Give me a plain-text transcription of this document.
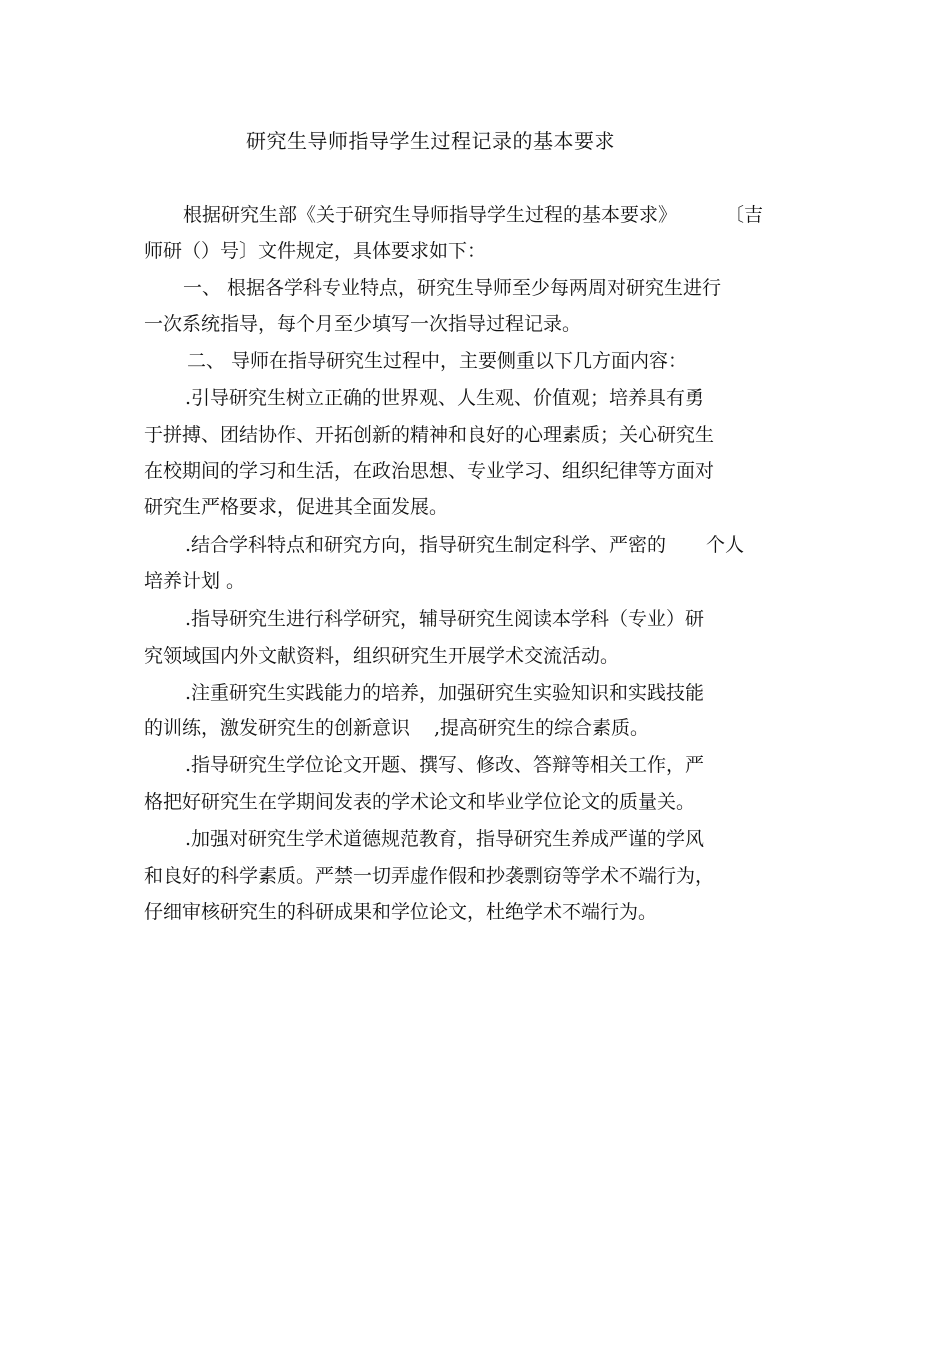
研究生导师指导学生过程记录的基本要求
根据研究生部《关于研究生导师指导学生过程的基本要求》	〔吉
师研（）号〕文件规定，具体要求如下：
一、 根据各学科专业特点，研究生导师至少每两周对研究生进行
一次系统指导，每个月至少填写一次指导过程记录。
二、 导师在指导研究生过程中，主要侧重以下几方面内容：
.引导研究生树立正确的世界观、人生观、价值观；培养具有勇
于拼搏、团结协作、开拓创新的精神和良好的心理素质；关心研究生
在校期间的学习和生活，在政治思想、专业学习、组织纪律等方面对
研究生严格要求，促进其全面发展。
.结合学科特点和研究方向，指导研究生制定科学、严密的 个人
培养计划 。
.指导研究生进行科学研究，辅导研究生阅读本学科（专业）研
究领域国内外文献资料，组织研究生开展学术交流活动。
.注重研究生实践能力的培养，加强研究生实验知识和实践技能
的训练，激发研究生的创新意识 ,提高研究生的综合素质。
.指导研究生学位论文开题、撰写、修改、答辩等相关工作，严
格把好研究生在学期间发表的学术论文和毕业学位论文的质量关。
.加强对研究生学术道德规范教育，指导研究生养成严谨的学风
和良好的科学素质。严禁一切弄虚作假和抄袭剽窃等学术不端行为，
仔细审核研究生的科研成果和学位论文，杜绝学术不端行为。
